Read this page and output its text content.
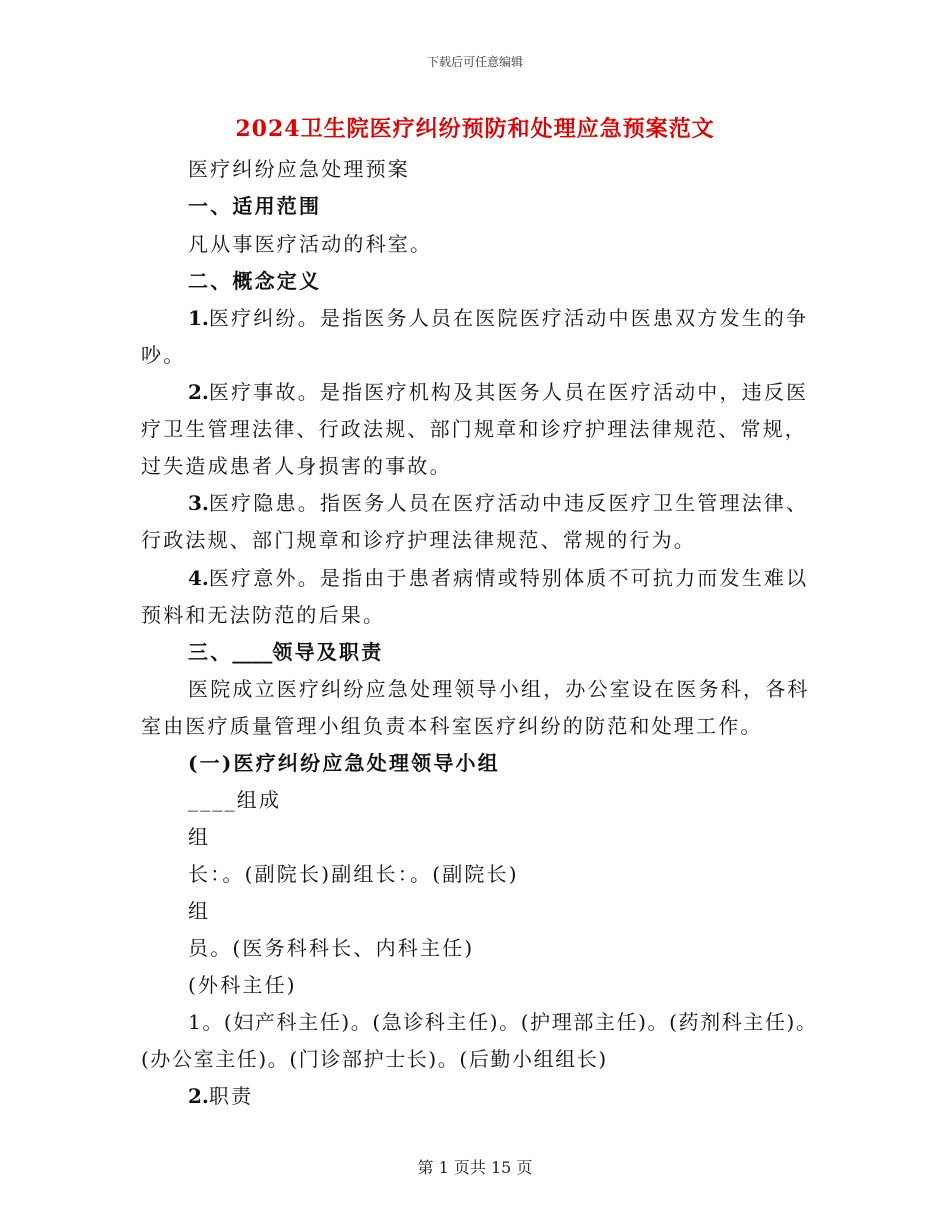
下载后可任意编辑
2024卫生院医疗纠纷预防和处理应急预案范文
医疗纠纷应急处理预案
一、适用范围
凡从事医疗活动的科室。
二、概念定义
1.医疗纠纷。是指医务人员在医院医疗活动中医患双方发生的争
吵。
2.医疗事故。是指医疗机构及其医务人员在医疗活动中，违反医
疗卫生管理法律、行政法规、部门规章和诊疗护理法律规范、常规，
过失造成患者人身损害的事故。
3.医疗隐患。指医务人员在医疗活动中违反医疗卫生管理法律、
行政法规、部门规章和诊疗护理法律规范、常规的行为。
4.医疗意外。是指由于患者病情或特别体质不可抗力而发生难以
预料和无法防范的后果。
三、____领导及职责
医院成立医疗纠纷应急处理领导小组，办公室设在医务科，各科
室由医疗质量管理小组负责本科室医疗纠纷的防范和处理工作。
(一)医疗纠纷应急处理领导小组
____组成
组
长：。(副院长)副组长：。(副院长)
组
员。(医务科科长、内科主任)
(外科主任)
1。(妇产科主任)。(急诊科主任)。(护理部主任)。(药剂科主任)。
(办公室主任)。(门诊部护士长)。(后勤小组组长)
2.职责
第 1 页共 15 页
